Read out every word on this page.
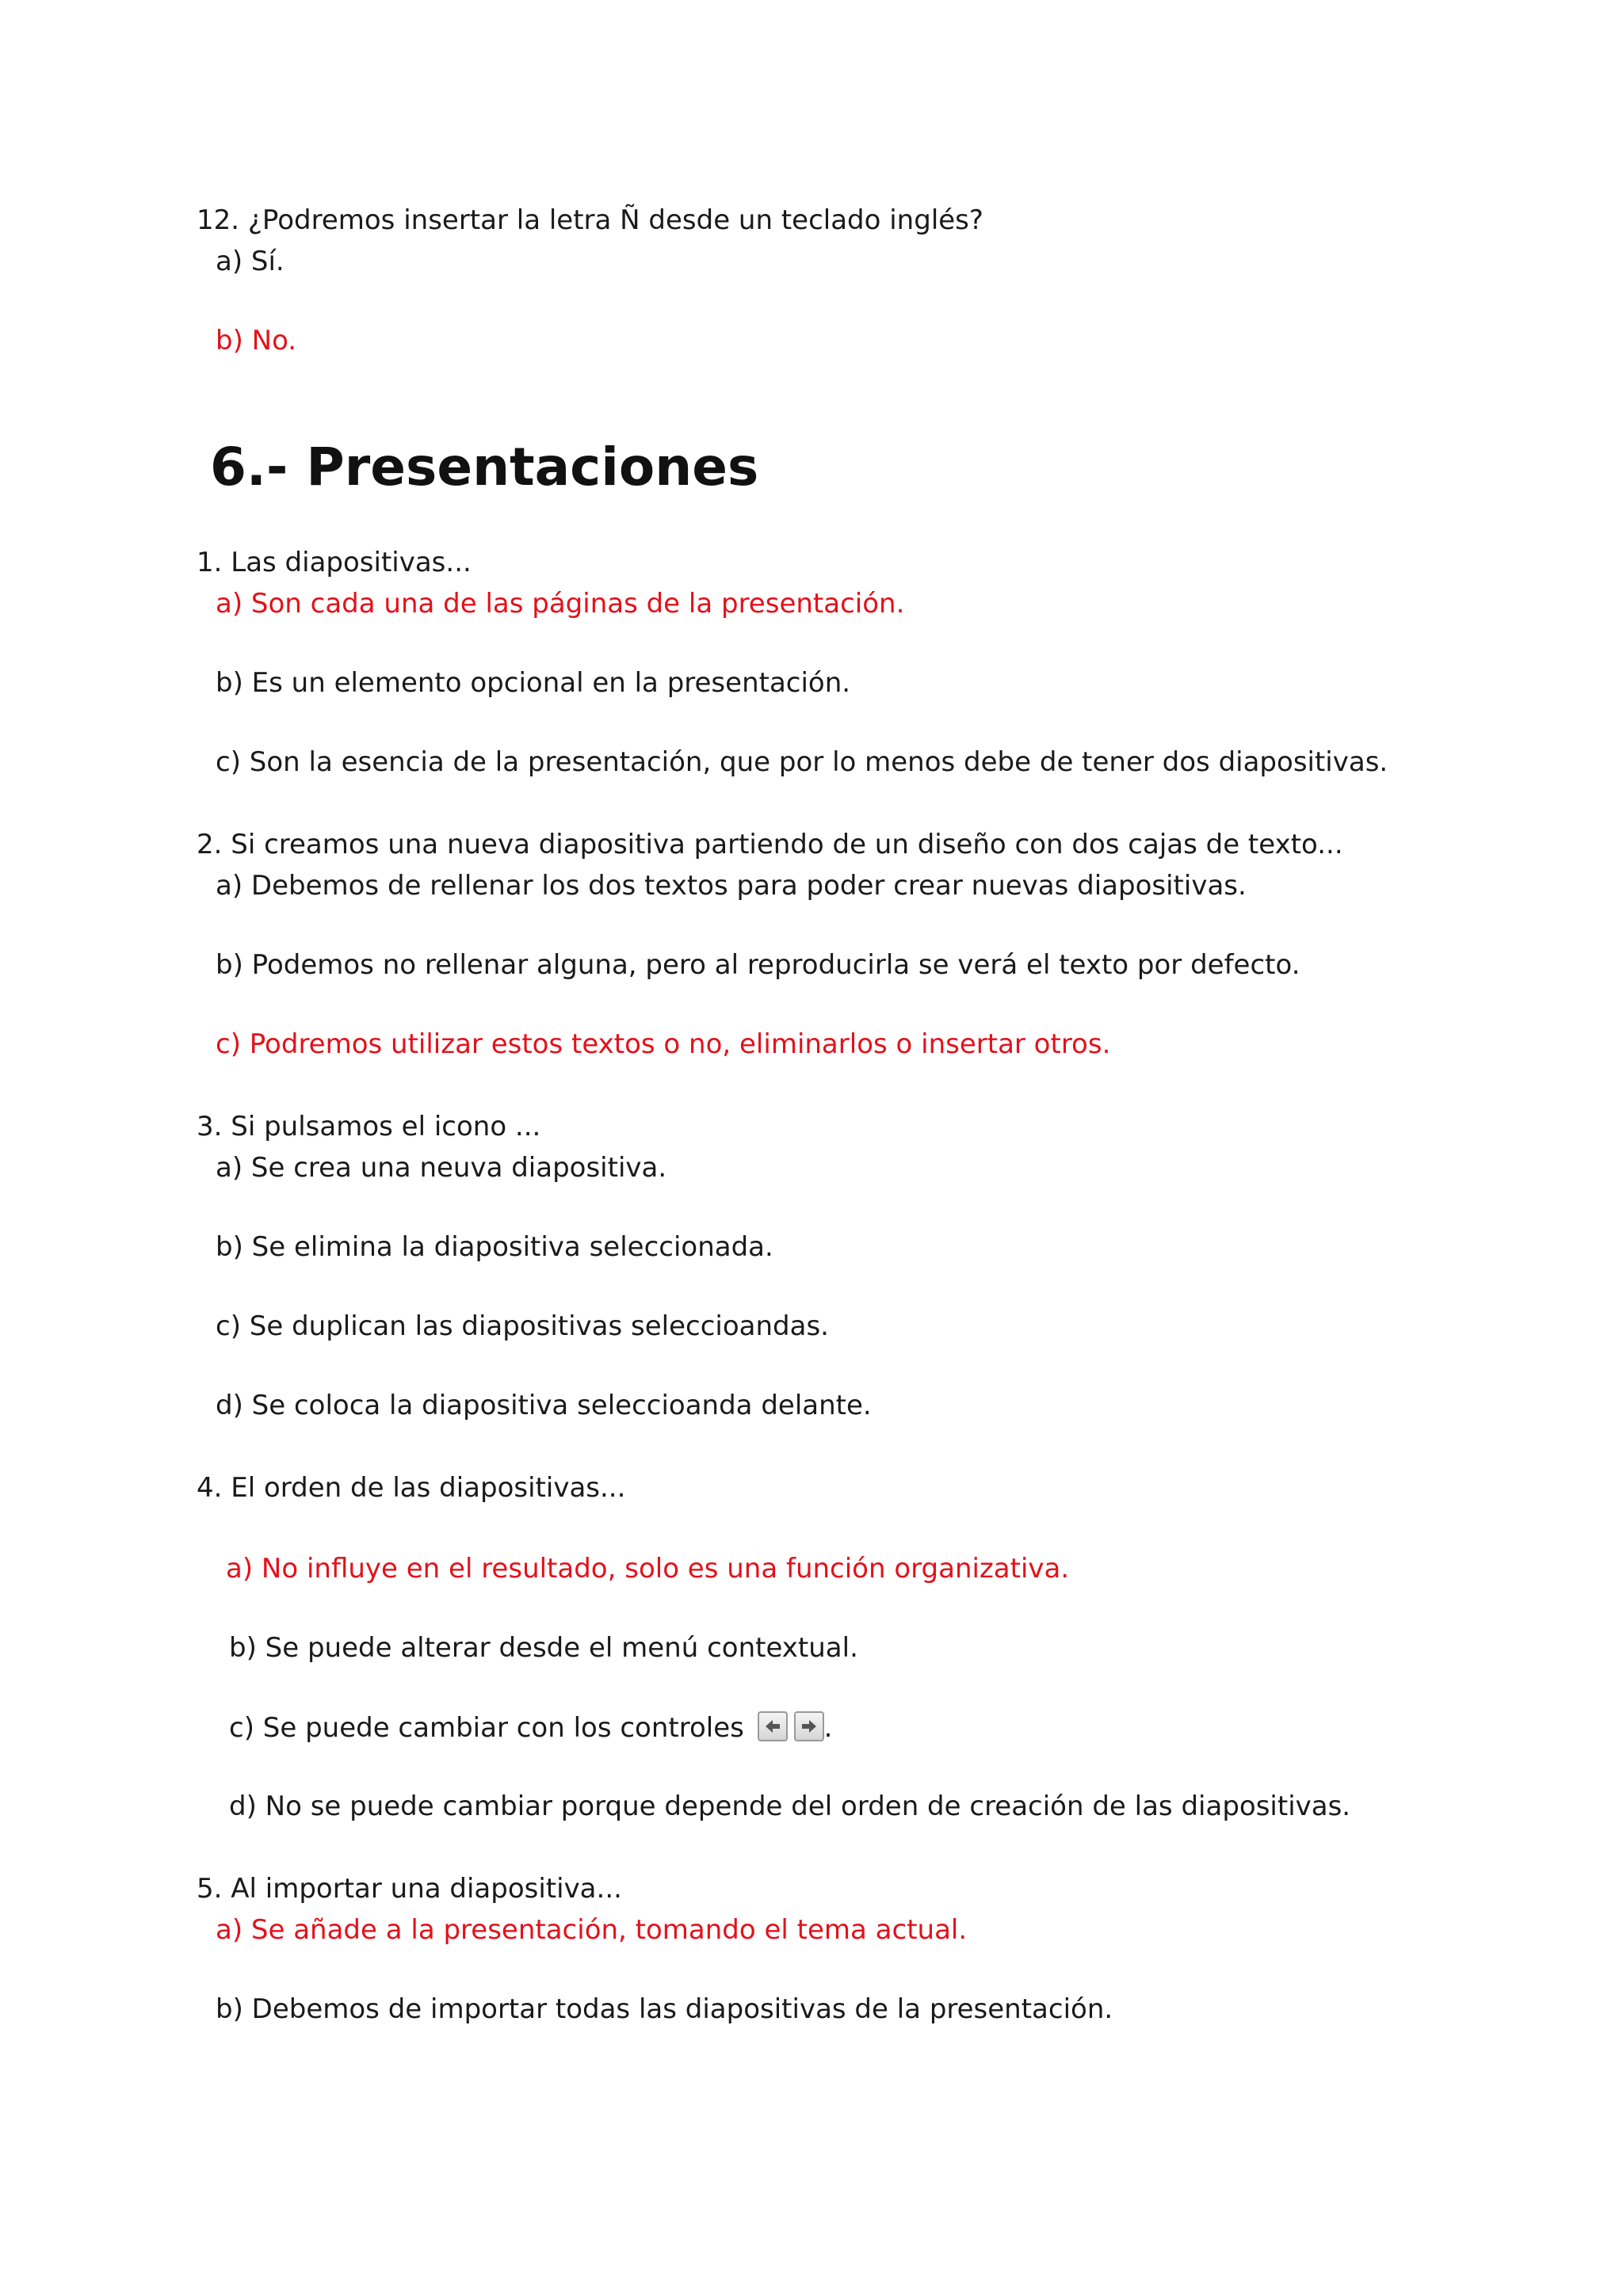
12. ¿Podremos insertar la letra Ñ desde un teclado inglés?
a) Sí.
b) No.
6.- Presentaciones
1. Las diapositivas...
a) Son cada una de las páginas de la presentación.
b) Es un elemento opcional en la presentación.
c) Son la esencia de la presentación, que por lo menos debe de tener dos diapositivas.
2. Si creamos una nueva diapositiva partiendo de un diseño con dos cajas de texto...
a) Debemos de rellenar los dos textos para poder crear nuevas diapositivas.
b) Podemos no rellenar alguna, pero al reproducirla se verá el texto por defecto.
c) Podremos utilizar estos textos o no, eliminarlos o insertar otros.
3. Si pulsamos el icono ...
a) Se crea una neuva diapositiva.
b) Se elimina la diapositiva seleccionada.
c) Se duplican las diapositivas seleccioandas.
d) Se coloca la diapositiva seleccioanda delante.
4. El orden de las diapositivas...
a) No influye en el resultado, solo es una función organizativa.
b) Se puede alterar desde el menú contextual.
c) Se puede cambiar con los controles	.
d) No se puede cambiar porque depende del orden de creación de las diapositivas.
5. Al importar una diapositiva...
a) Se añade a la presentación, tomando el tema actual.
b) Debemos de importar todas las diapositivas de la presentación.
